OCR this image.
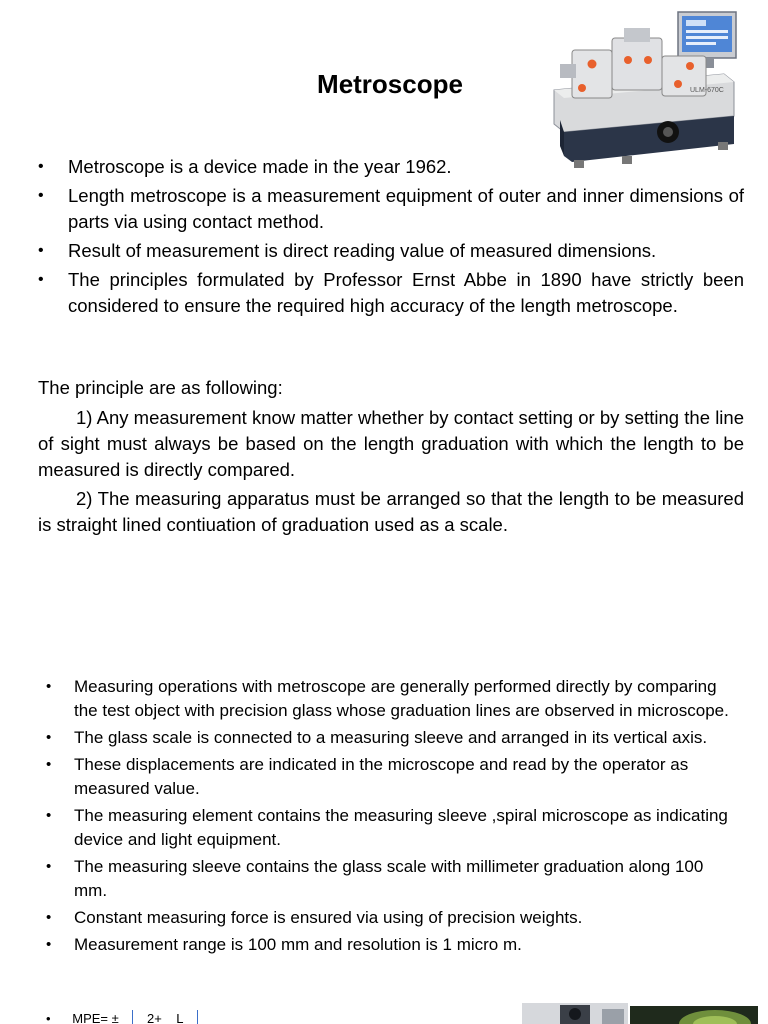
Metroscope	ULM-670C
• Metroscope is a device made in the year 1962.
• Length metroscope is a measurement equipment of outer and inner dimensions of parts via using contact method.
• Result of measurement is direct reading value of measured dimensions.
• The principles formulated by Professor Ernst Abbe in 1890 have strictly been considered to ensure the required high accuracy of the length metroscope.
The principle are as following:
1) Any measurement know matter whether by contact setting or by setting the line of sight must always be based on the length graduation with which the length to be measured is directly compared.
2) The measuring apparatus must be arranged so that the length to be measured is straight lined contiuation of graduation used as a scale.
• Measuring operations with metroscope are generally performed directly by comparing the test object with precision glass whose graduation lines are observed in microscope.
• The glass scale is connected to a measuring sleeve and arranged in its vertical axis.
• These displacements are indicated in the microscope and read by the operator as measured value.
• The measuring element contains the measuring sleeve ,spiral microscope as indicating device and light equipment.
• The measuring sleeve contains the glass scale with millimeter graduation along 100 mm.
• Constant measuring force is ensured via using of precision weights.
• Measurement range is 100 mm and resolution is 1 micro m.
• MPE= ± 2+ L
